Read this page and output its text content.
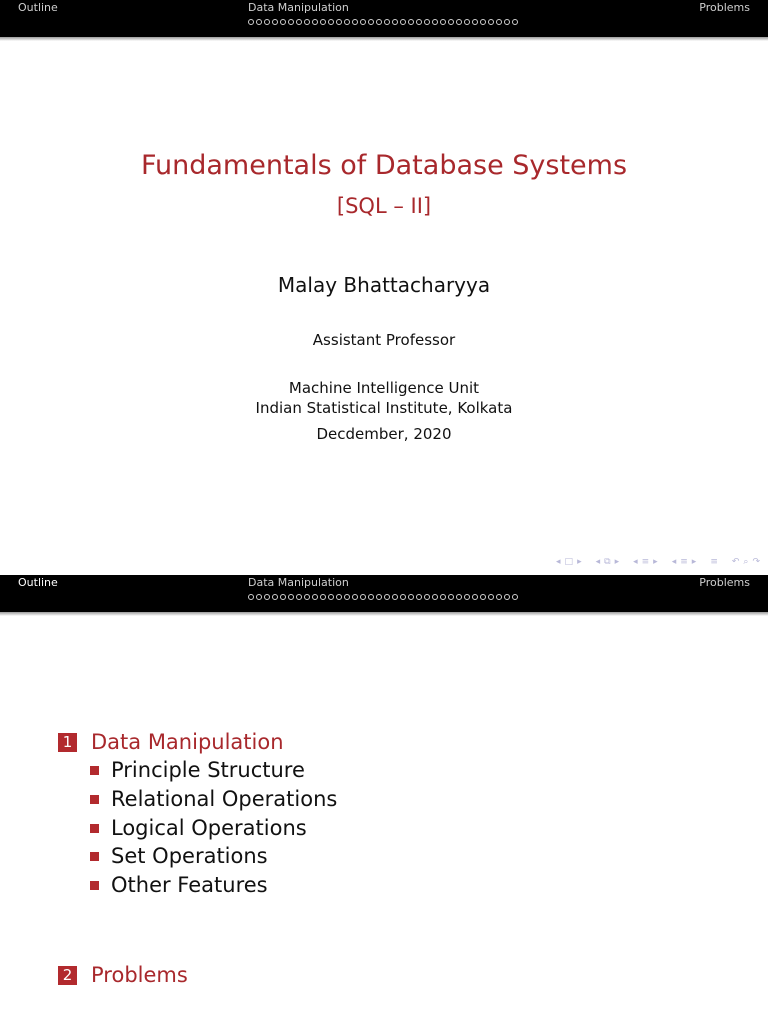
Outline	Data Manipulation	Problems
Fundamentals of Database Systems
[SQL – II]
Malay Bhattacharyya
Assistant Professor
Machine Intelligence Unit
Indian Statistical Institute, Kolkata
Decdember, 2020
◂ □ ▸ ◂ ⧉ ▸ ◂ ≡ ▸ ◂ ≡ ▸ ≡ ↶ ⌕ ↷
Outline	Data Manipulation	Problems
1 Data Manipulation
Principle Structure
Relational Operations
Logical Operations
Set Operations
Other Features
2 Problems
